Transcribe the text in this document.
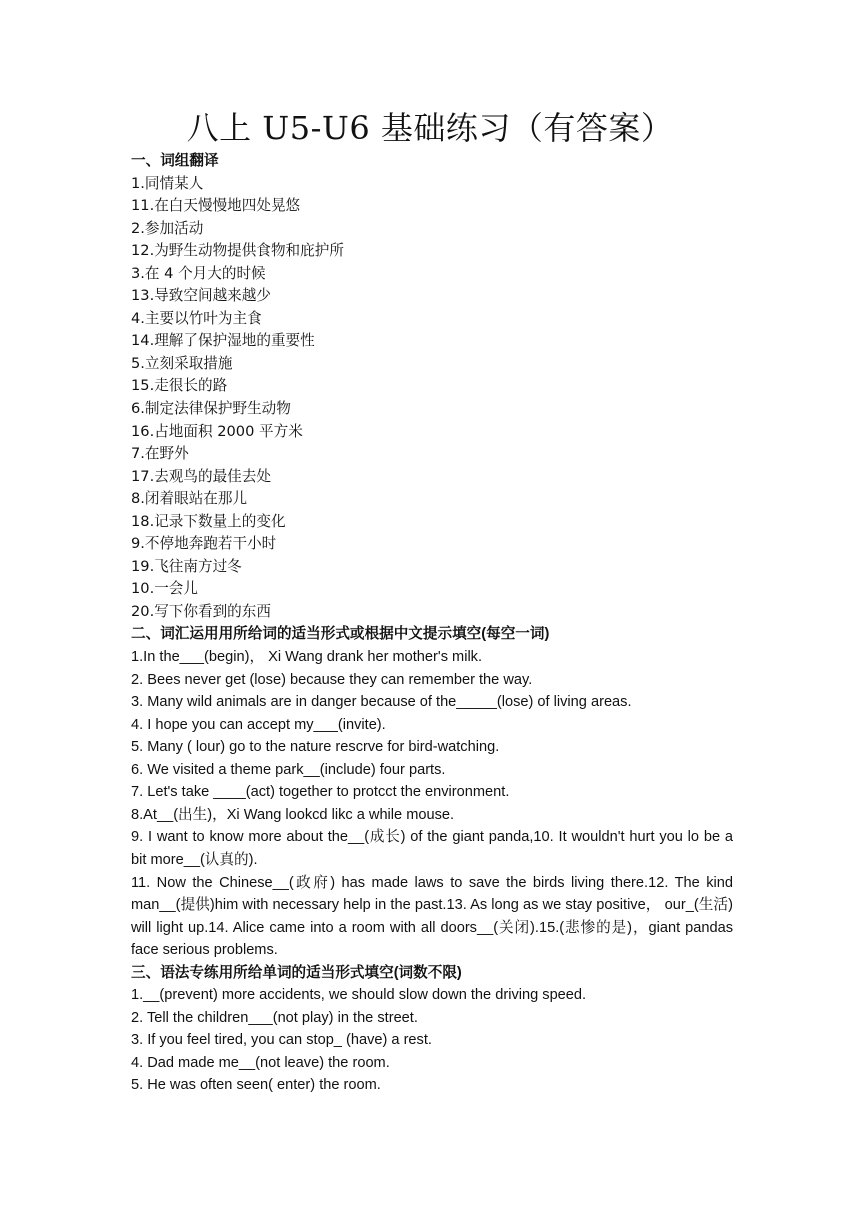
八上 U5-U6 基础练习（有答案）
一、词组翻译
1.同情某人
11.在白天慢慢地四处晃悠
2.参加活动
12.为野生动物提供食物和庇护所
3.在 4 个月大的时候
13.导致空间越来越少
4.主要以竹叶为主食
14.理解了保护湿地的重要性
5.立刻采取措施
15.走很长的路
6.制定法律保护野生动物
16.占地面积 2000 平方米
7.在野外
17.去观鸟的最佳去处
8.闭着眼站在那儿
18.记录下数量上的变化
9.不停地奔跑若干小时
19.飞往南方过冬
10.一会儿
20.写下你看到的东西
二、词汇运用用所给词的适当形式或根据中文提示填空(每空一词)
1.In the___(begin)， Xi Wang drank her mother's milk.
2. Bees never get (lose) because they can remember the way.
3. Many wild animals are in danger because of the_____(lose) of living areas.
4. I hope you can accept my___(invite).
5. Many ( lour) go to the nature rescrve for bird-watching.
6. We visited a theme park__(include) four parts.
7. Let's take ____(act) together to protcct the environment.
8.At__(出生)，Xi Wang lookcd likc a while mouse.
9. I want to know more about the__(成长) of the giant panda,10. It wouldn't hurt you lo be a bit more__(认真的).
11. Now the Chinese__(政府) has made laws to save the birds living there.12. The kind man__(提供)him with necessary help in the past.13. As long as we stay positive， our_(生活) will light up.14. Alice came into a room with all doors__(关闭).15.(悲惨的是)，giant pandas face serious problems.
三、语法专练用所给单词的适当形式填空(词数不限)
1.__(prevent) more accidents, we should slow down the driving speed.
2. Tell the children___(not play) in the street.
3. If you feel tired, you can stop_ (have) a rest.
4. Dad made me__(not leave) the room.
5. He was often seen( enter) the room.
